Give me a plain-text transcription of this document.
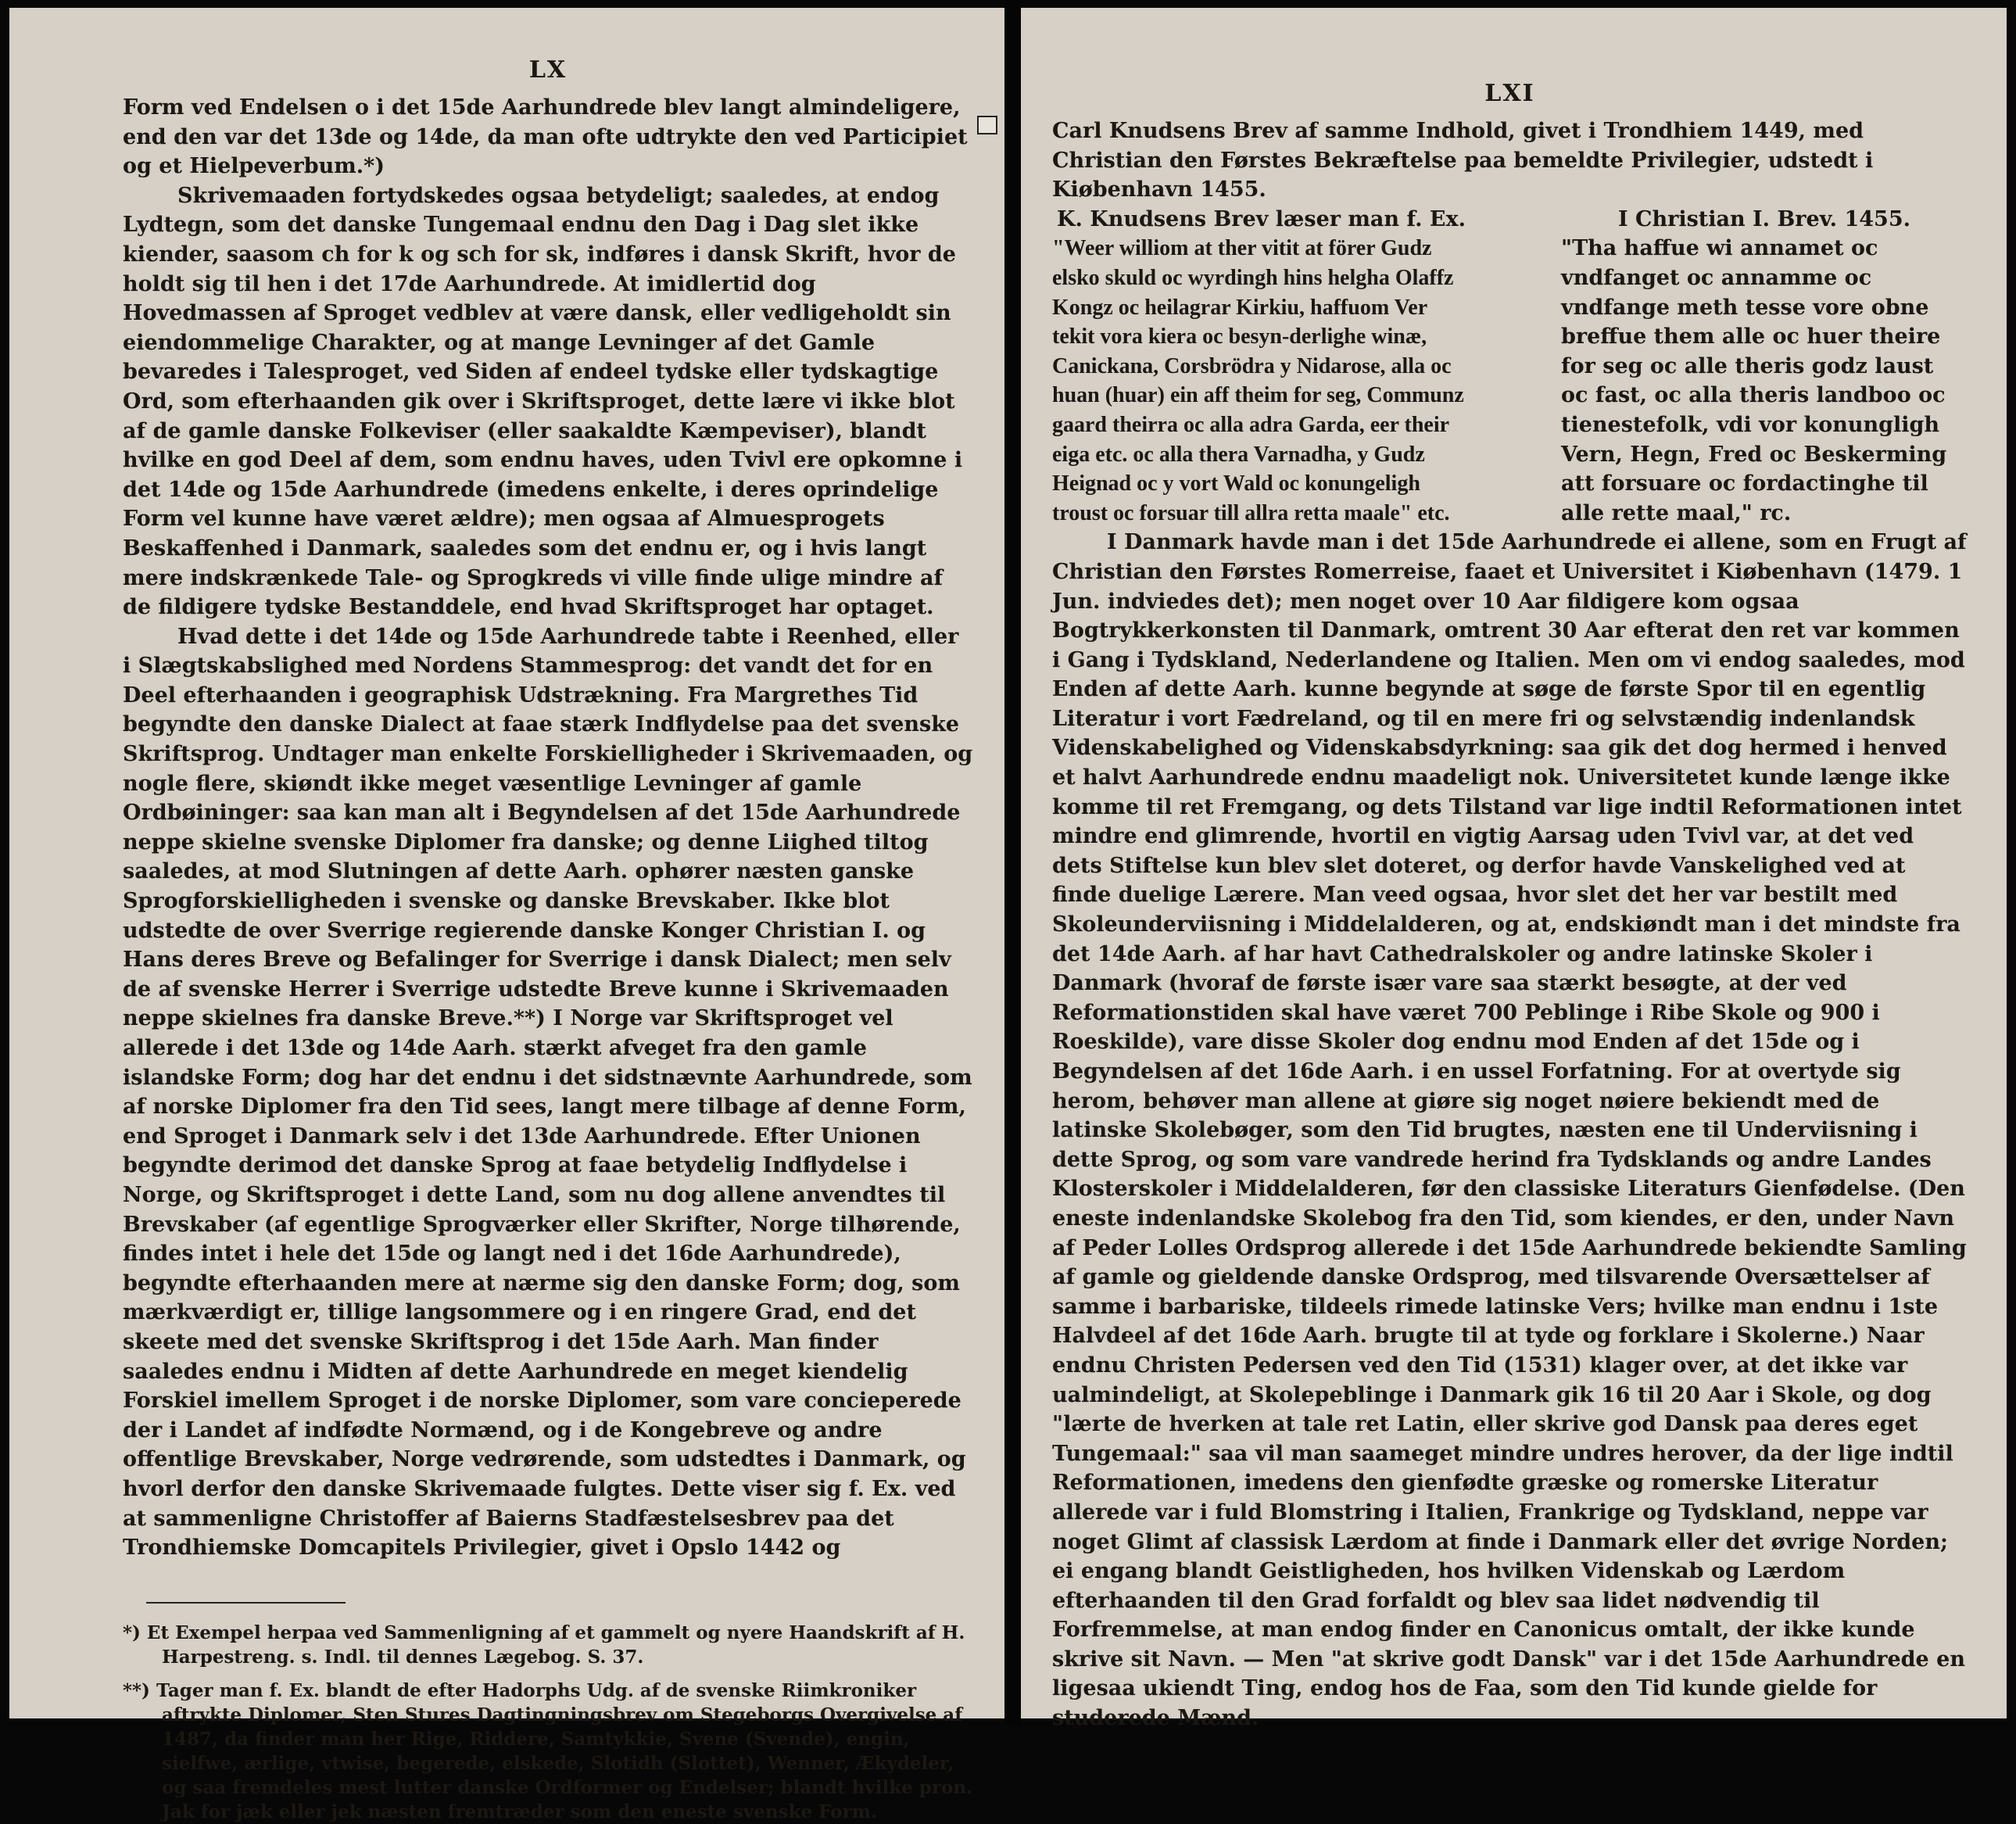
LX

Form ved Endelsen o i det 15de Aarhundrede blev langt almindeligere, end den var det 13de og 14de, da man ofte udtrykte den ved Participiet og et Hielpeverbum.*)

Skrivemaaden fortydskedes ogsaa betydeligt; saaledes, at endog Lydtegn, som det danske Tungemaal endnu den Dag i Dag slet ikke kiender, saasom ch for k og sch for sk, indføres i dansk Skrift, hvor de holdt sig til hen i det 17de Aarhundrede. At imidlertid dog Hovedmassen af Sproget vedblev at være dansk, eller vedligeholdt sin eiendommelige Charakter, og at mange Levninger af det Gamle bevaredes i Talesproget, ved Siden af endeel tydske eller tydskagtige Ord, som efterhaanden gik over i Skriftsproget, dette lære vi ikke blot af de gamle danske Folkeviser (eller saakaldte Kæmpeviser), blandt hvilke en god Deel af dem, som endnu haves, uden Tvivl ere opkomne i det 14de og 15de Aarhundrede (imedens enkelte, i deres oprindelige Form vel kunne have været ældre); men ogsaa af Almuesprogets Beskaffenhed i Danmark, saaledes som det endnu er, og i hvis langt mere indskrænkede Tale- og Sprogkreds vi ville finde ulige mindre af de fildigere tydske Bestanddele, end hvad Skriftsproget har optaget.

Hvad dette i det 14de og 15de Aarhundrede tabte i Reenhed, eller i Slægtskabslighed med Nordens Stammesprog: det vandt det for en Deel efterhaanden i geographisk Udstrækning. Fra Margrethes Tid begyndte den danske Dialect at faae stærk Indflydelse paa det svenske Skriftsprog. Undtager man enkelte Forskielligheder i Skrivemaaden, og nogle flere, skiøndt ikke meget væsentlige Levninger af gamle Ordbøininger: saa kan man alt i Begyndelsen af det 15de Aarhundrede neppe skielne svenske Diplomer fra danske; og denne Liighed tiltog saaledes, at mod Slutningen af dette Aarh. ophører næsten ganske Sprogforskielligheden i svenske og danske Brevskaber. Ikke blot udstedte de over Sverrige regierende danske Konger Christian I. og Hans deres Breve og Befalinger for Sverrige i dansk Dialect; men selv de af svenske Herrer i Sverrige udstedte Breve kunne i Skrivemaaden neppe skielnes fra danske Breve.**) I Norge var Skriftsproget vel allerede i det 13de og 14de Aarh. stærkt afveget fra den gamle islandske Form; dog har det endnu i det sidstnævnte Aarhundrede, som af norske Diplomer fra den Tid sees, langt mere tilbage af denne Form, end Sproget i Danmark selv i det 13de Aarhundrede. Efter Unionen begyndte derimod det danske Sprog at faae betydelig Indflydelse i Norge, og Skriftsproget i dette Land, som nu dog allene anvendtes til Brevskaber (af egentlige Sprogværker eller Skrifter, Norge tilhørende, findes intet i hele det 15de og langt ned i det 16de Aarhundrede), begyndte efterhaanden mere at nærme sig den danske Form; dog, som mærkværdigt er, tillige langsommere og i en ringere Grad, end det skeete med det svenske Skriftsprog i det 15de Aarh. Man finder saaledes endnu i Midten af dette Aarhundrede en meget kiendelig Forskiel imellem Sproget i de norske Diplomer, som vare concieperede der i Landet af indfødte Normænd, og i de Kongebreve og andre offentlige Brevskaber, Norge vedrørende, som udstedtes i Danmark, og hvorl derfor den danske Skrivemaade fulgtes. Dette viser sig f. Ex. ved at sammenligne Christoffer af Baierns Stadfæstelsesbrev paa det Trondhiemske Domcapitels Privilegier, givet i Opslo 1442 og

*) Et Exempel herpaa ved Sammenligning af et gammelt og nyere Haandskrift af H. Harpestreng. s. Indl. til dennes Lægebog. S. 37.

**) Tager man f. Ex. blandt de efter Hadorphs Udg. af de svenske Riimkroniker aftrykte Diplomer, Sten Stures Dagtingningsbrev om Stegeborgs Overgivelse af 1487, da finder man her Rige, Riddere, Samtykkie, Svene (Svende), engin, sielfwe, ærlige, vtwise, begerede, elskede, Slotidh (Slottet), Wenner, Ækydeler, og saa fremdeles mest lutter danske Ordformer og Endelser; blandt hvilke pron. Jak for jæk eller jek næsten fremtræder som den eneste svenske Form.

LXI

Carl Knudsens Brev af samme Indhold, givet i Trondhiem 1449, med Christian den Førstes Bekræftelse paa bemeldte Privilegier, udstedt i Kiøbenhavn 1455.

K. Knudsens Brev læser man f. Ex.

"Weer williom at ther vitit at förer Gudz elsko skuld oc wyrdingh hins helgha Olaffz Kongz oc heilagrar Kirkiu, haffuom Ver tekit vora kiera oc besyn-derlighe winæ, Canickana, Corsbrödra y Nidarose, alla oc huan (huar) ein aff theim for seg, Communz gaard theirra oc alla adra Garda, eer their eiga etc. oc alla thera Varnadha, y Gudz Heignad oc y vort Wald oc konungeligh troust oc forsuar till allra retta maale" etc.

I Christian I. Brev. 1455.

"Tha haffue wi annamet oc vndfanget oc annamme oc vndfange meth tesse vore obne breffue them alle oc huer theire for seg oc alle theris godz laust oc fast, oc alla theris landboo oc tienestefolk, vdi vor konungligh Vern, Hegn, Fred oc Beskerming att forsuare oc fordactinghe til alle rette maal," rc.

I Danmark havde man i det 15de Aarhundrede ei allene, som en Frugt af Christian den Førstes Romerreise, faaet et Universitet i Kiøbenhavn (1479. 1 Jun. indviedes det); men noget over 10 Aar fildigere kom ogsaa Bogtrykkerkonsten til Danmark, omtrent 30 Aar efterat den ret var kommen i Gang i Tydskland, Nederlandene og Italien. Men om vi endog saaledes, mod Enden af dette Aarh. kunne begynde at søge de første Spor til en egentlig Literatur i vort Fædreland, og til en mere fri og selvstændig indenlandsk Videnskabelighed og Videnskabsdyrkning: saa gik det dog hermed i henved et halvt Aarhundrede endnu maadeligt nok. Universitetet kunde længe ikke komme til ret Fremgang, og dets Tilstand var lige indtil Reformationen intet mindre end glimrende, hvortil en vigtig Aarsag uden Tvivl var, at det ved dets Stiftelse kun blev slet doteret, og derfor havde Vanskelighed ved at finde duelige Lærere. Man veed ogsaa, hvor slet det her var bestilt med Skoleunderviisning i Middelalderen, og at, endskiøndt man i det mindste fra det 14de Aarh. af har havt Cathedralskoler og andre latinske Skoler i Danmark (hvoraf de første især vare saa stærkt besøgte, at der ved Reformationstiden skal have været 700 Peblinge i Ribe Skole og 900 i Roeskilde), vare disse Skoler dog endnu mod Enden af det 15de og i Begyndelsen af det 16de Aarh. i en ussel Forfatning. For at overtyde sig herom, behøver man allene at giøre sig noget nøiere bekiendt med de latinske Skolebøger, som den Tid brugtes, næsten ene til Underviisning i dette Sprog, og som vare vandrede herind fra Tydsklands og andre Landes Klosterskoler i Middelalderen, før den classiske Literaturs Gienfødelse. (Den eneste indenlandske Skolebog fra den Tid, som kiendes, er den, under Navn af Peder Lolles Ordsprog allerede i det 15de Aarhundrede bekiendte Samling af gamle og gieldende danske Ordsprog, med tilsvarende Oversættelser af samme i barbariske, tildeels rimede latinske Vers; hvilke man endnu i 1ste Halvdeel af det 16de Aarh. brugte til at tyde og forklare i Skolerne.) Naar endnu Christen Pedersen ved den Tid (1531) klager over, at det ikke var ualmindeligt, at Skolepeblinge i Danmark gik 16 til 20 Aar i Skole, og dog "lærte de hverken at tale ret Latin, eller skrive god Dansk paa deres eget Tungemaal:" saa vil man saameget mindre undres herover, da der lige indtil Reformationen, imedens den gienfødte græske og romerske Literatur allerede var i fuld Blomstring i Italien, Frankrige og Tydskland, neppe var noget Glimt af classisk Lærdom at finde i Danmark eller det øvrige Norden; ei engang blandt Geistligheden, hos hvilken Videnskab og Lærdom efterhaanden til den Grad forfaldt og blev saa lidet nødvendig til Forfremmelse, at man endog finder en Canonicus omtalt, der ikke kunde skrive sit Navn. — Men "at skrive godt Dansk" var i det 15de Aarhundrede en ligesaa ukiendt Ting, endog hos de Faa, som den Tid kunde gielde for studerede Mænd.
